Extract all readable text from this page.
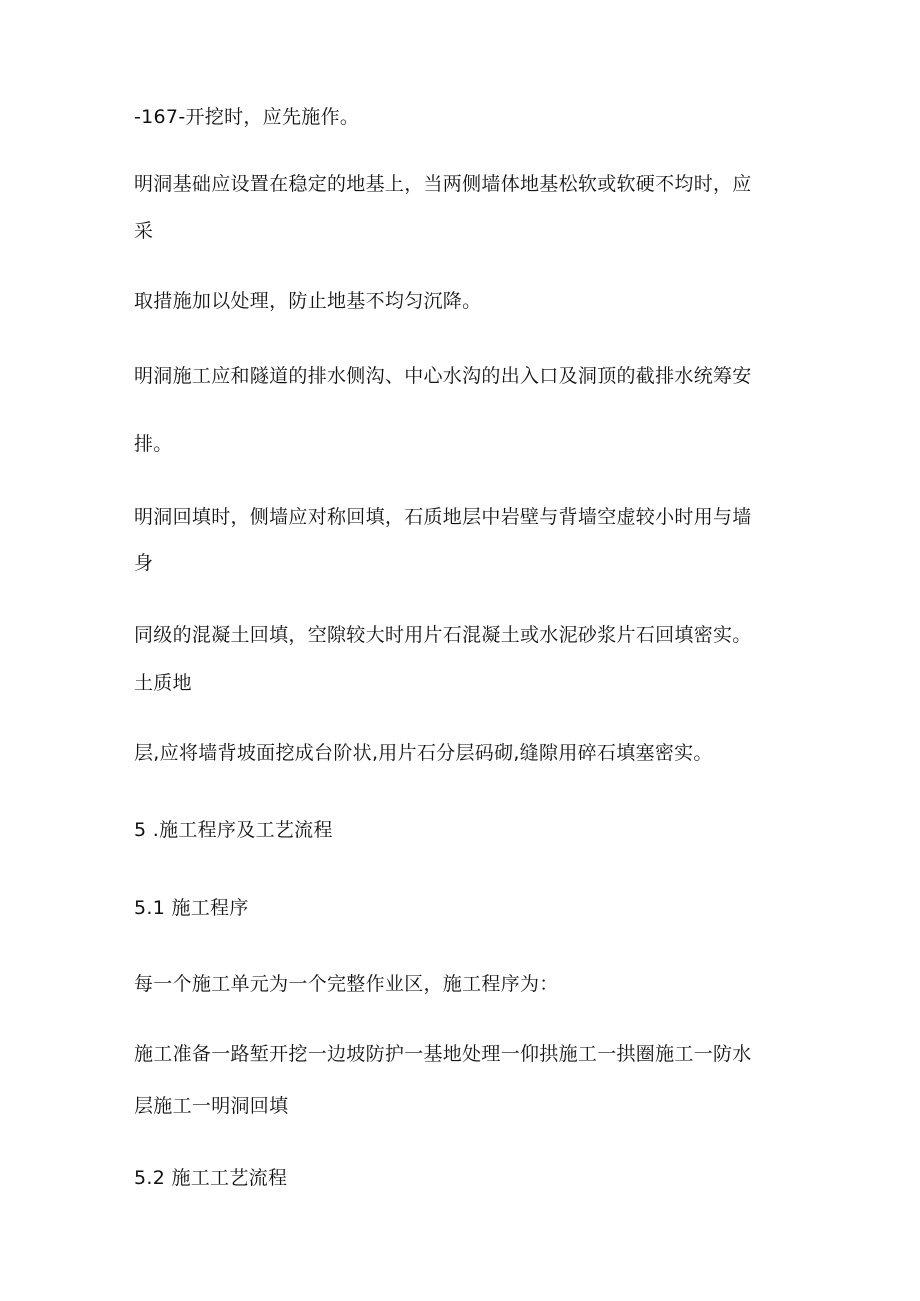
-167-开挖时，应先施作。
明洞基础应设置在稳定的地基上，当两侧墙体地基松软或软硬不均时，应
采
取措施加以处理，防止地基不均匀沉降。
明洞施工应和隧道的排水侧沟、中心水沟的出入口及洞顶的截排水统筹安
排。
明洞回填时，侧墙应对称回填，石质地层中岩壁与背墙空虚较小时用与墙
身
同级的混凝土回填，空隙较大时用片石混凝土或水泥砂浆片石回填密实。
土质地
层,应将墙背坡面挖成台阶状,用片石分层码砌,缝隙用碎石填塞密实。
5 .施工程序及工艺流程
5.1 施工程序
每一个施工单元为一个完整作业区，施工程序为：
施工准备一路堑开挖一边坡防护一基地处理一仰拱施工一拱圈施工一防水
层施工一明洞回填
5.2 施工工艺流程
